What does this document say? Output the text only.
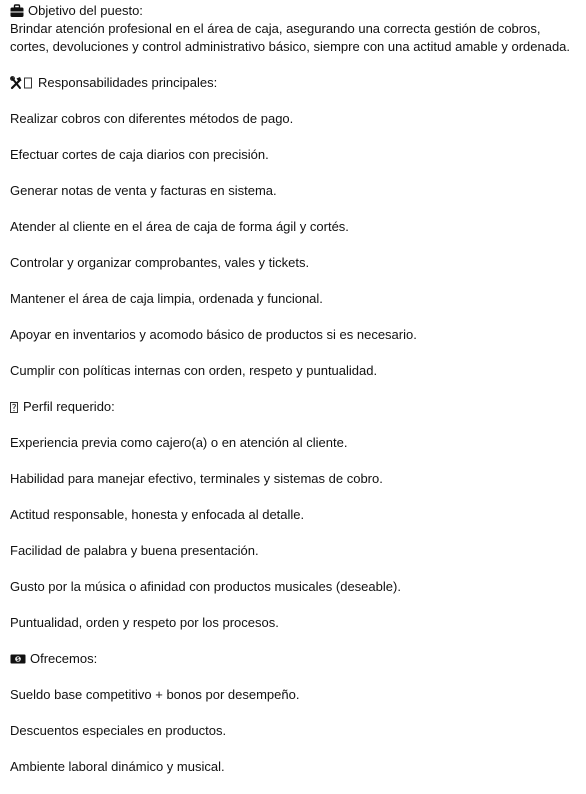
Objetivo del puesto:

Brindar atención profesional en el área de caja, asegurando una correcta gestión de cobros, cortes, devoluciones y control administrativo básico, siempre con una actitud amable y ordenada.

Responsabilidades principales:
Realizar cobros con diferentes métodos de pago.
Efectuar cortes de caja diarios con precisión.
Generar notas de venta y facturas en sistema.
Atender al cliente en el área de caja de forma ágil y cortés.
Controlar y organizar comprobantes, vales y tickets.
Mantener el área de caja limpia, ordenada y funcional.
Apoyar en inventarios y acomodo básico de productos si es necesario.
Cumplir con políticas internas con orden, respeto y puntualidad.
Perfil requerido:
Experiencia previa como cajero(a) o en atención al cliente.
Habilidad para manejar efectivo, terminales y sistemas de cobro.
Actitud responsable, honesta y enfocada al detalle.
Facilidad de palabra y buena presentación.
Gusto por la música o afinidad con productos musicales (deseable).
Puntualidad, orden y respeto por los procesos.
$ Ofrecemos:
Sueldo base competitivo + bonos por desempeño.
Descuentos especiales en productos.
Ambiente laboral dinámico y musical.
